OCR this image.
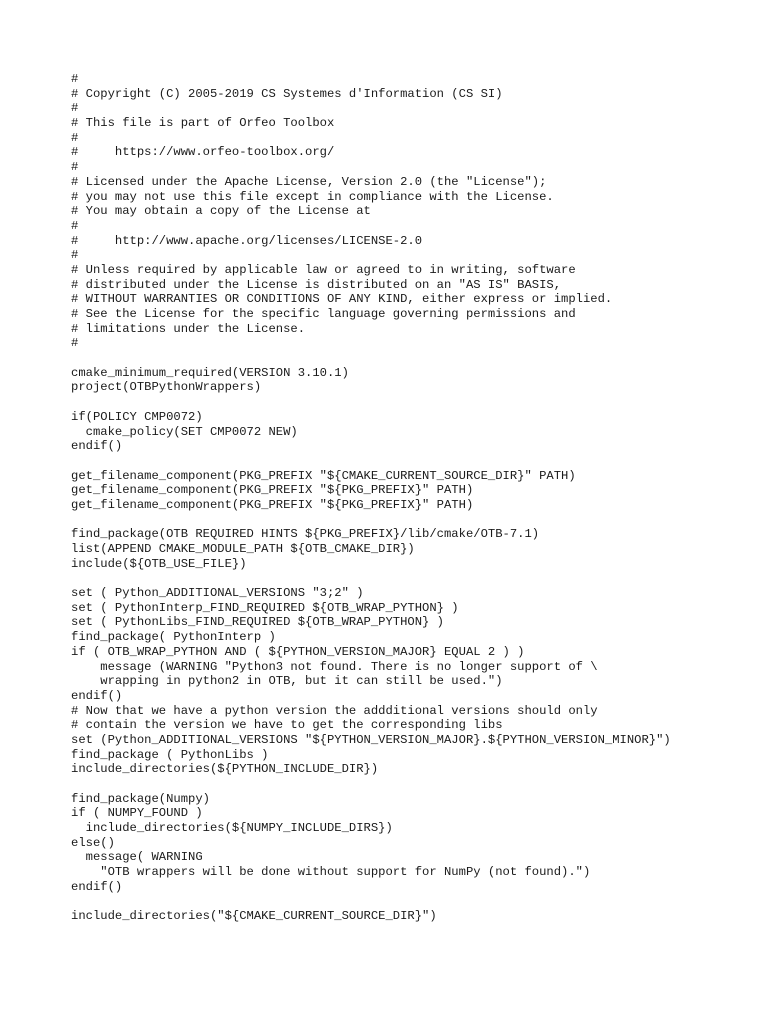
#
# Copyright (C) 2005-2019 CS Systemes d'Information (CS SI)
#
# This file is part of Orfeo Toolbox
#
#     https://www.orfeo-toolbox.org/
#
# Licensed under the Apache License, Version 2.0 (the "License");
# you may not use this file except in compliance with the License.
# You may obtain a copy of the License at
#
#     http://www.apache.org/licenses/LICENSE-2.0
#
# Unless required by applicable law or agreed to in writing, software
# distributed under the License is distributed on an "AS IS" BASIS,
# WITHOUT WARRANTIES OR CONDITIONS OF ANY KIND, either express or implied.
# See the License for the specific language governing permissions and
# limitations under the License.
#
cmake_minimum_required(VERSION 3.10.1)
project(OTBPythonWrappers)
if(POLICY CMP0072)
cmake_policy(SET CMP0072 NEW)
endif()
get_filename_component(PKG_PREFIX "${CMAKE_CURRENT_SOURCE_DIR}" PATH)
get_filename_component(PKG_PREFIX "${PKG_PREFIX}" PATH)
get_filename_component(PKG_PREFIX "${PKG_PREFIX}" PATH)
find_package(OTB REQUIRED HINTS ${PKG_PREFIX}/lib/cmake/OTB-7.1)
list(APPEND CMAKE_MODULE_PATH ${OTB_CMAKE_DIR})
include(${OTB_USE_FILE})
set ( Python_ADDITIONAL_VERSIONS "3;2" )
set ( PythonInterp_FIND_REQUIRED ${OTB_WRAP_PYTHON} )
set ( PythonLibs_FIND_REQUIRED ${OTB_WRAP_PYTHON} )
find_package( PythonInterp )
if ( OTB_WRAP_PYTHON AND ( ${PYTHON_VERSION_MAJOR} EQUAL 2 ) )
message (WARNING "Python3 not found. There is no longer support of \
wrapping in python2 in OTB, but it can still be used.")
endif()
# Now that we have a python version the addditional versions should only
# contain the version we have to get the corresponding libs
set (Python_ADDITIONAL_VERSIONS "${PYTHON_VERSION_MAJOR}.${PYTHON_VERSION_MINOR}")
find_package ( PythonLibs )
include_directories(${PYTHON_INCLUDE_DIR})
find_package(Numpy)
if ( NUMPY_FOUND )
include_directories(${NUMPY_INCLUDE_DIRS})
else()
message( WARNING
"OTB wrappers will be done without support for NumPy (not found).")
endif()
include_directories("${CMAKE_CURRENT_SOURCE_DIR}")
